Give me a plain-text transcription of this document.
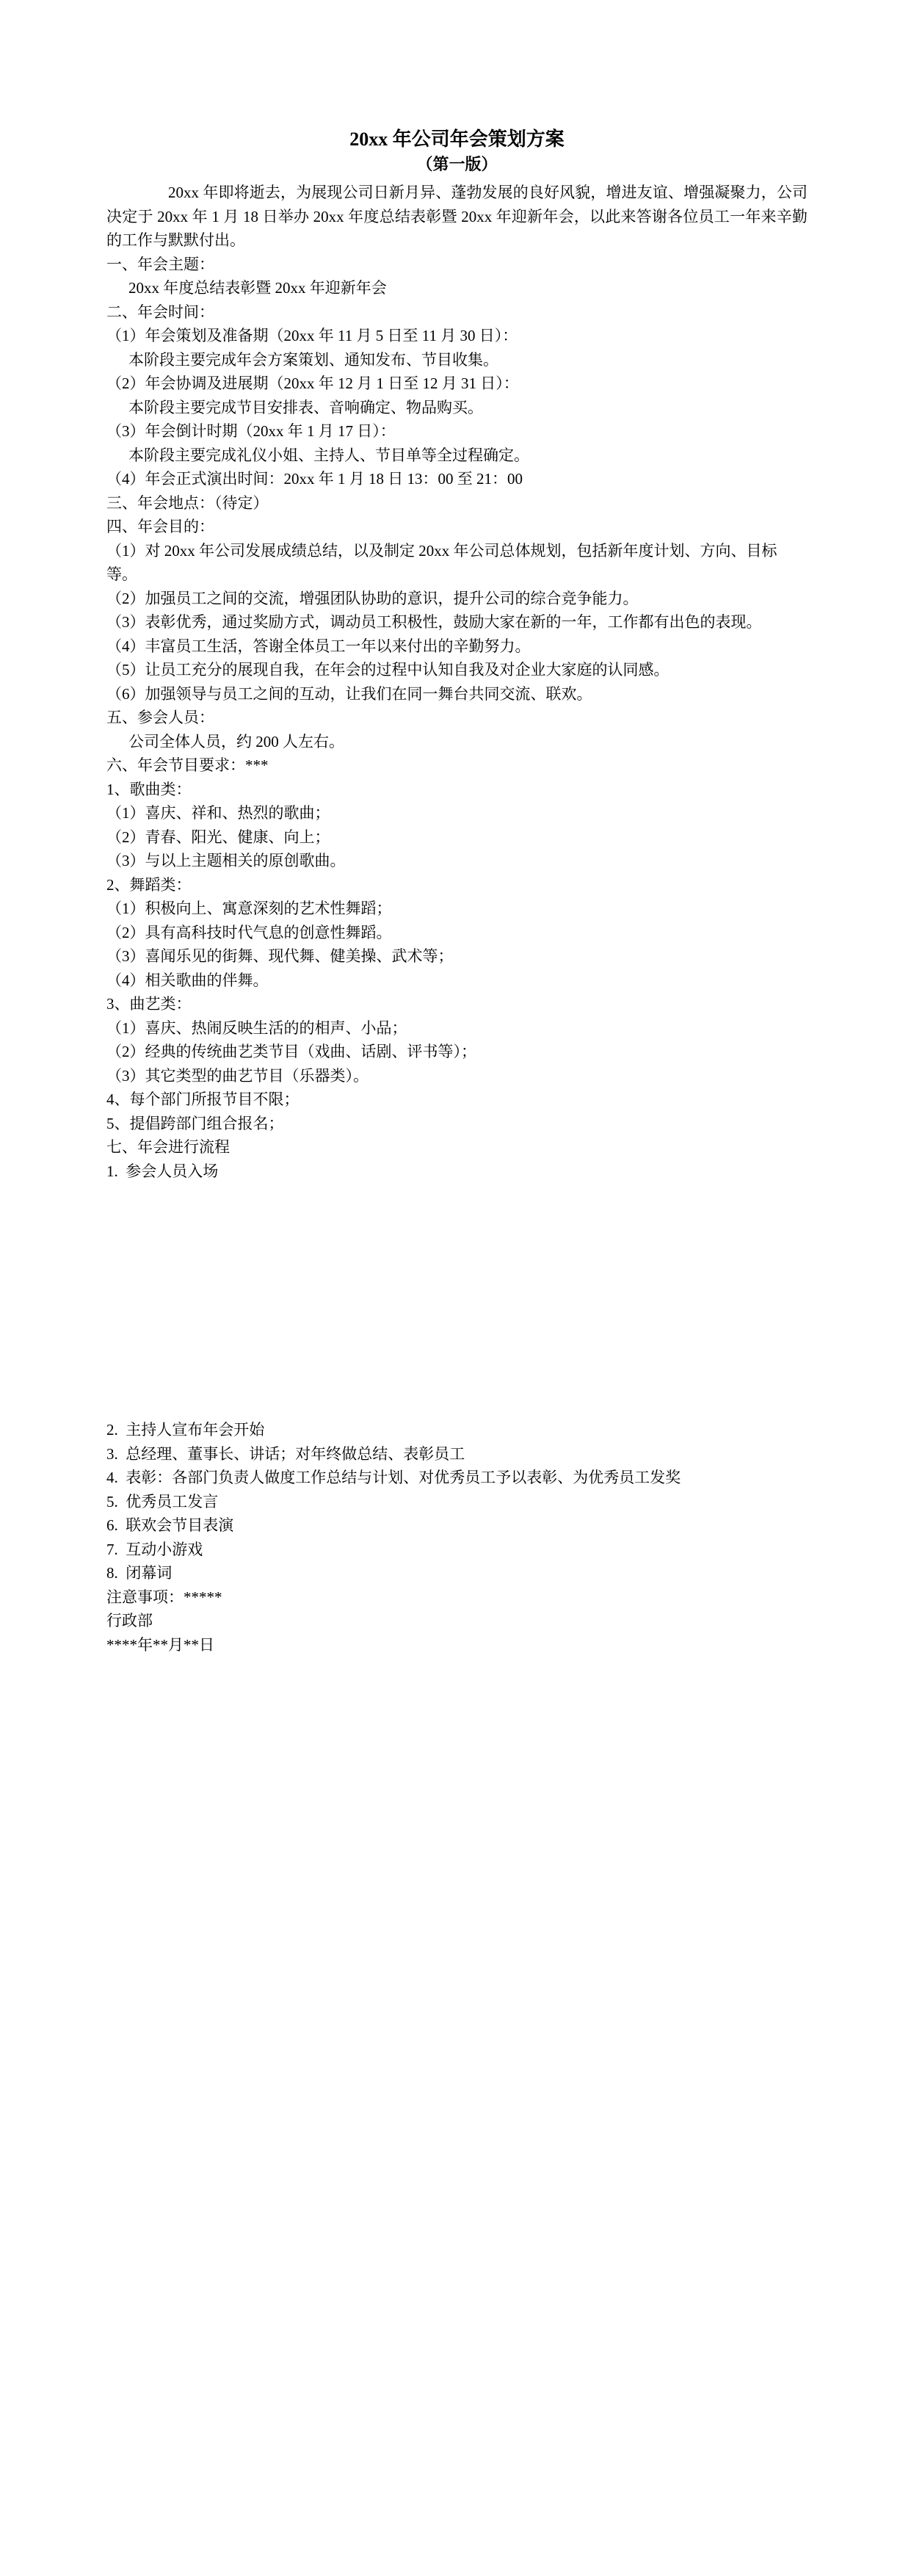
20xx 年公司年会策划方案
（第一版）

20xx 年即将逝去，为展现公司日新月异、蓬勃发展的良好风貌，增进友谊、增强凝聚力，公司决定于 20xx 年 1 月 18 日举办 20xx 年度总结表彰暨 20xx 年迎新年会，以此来答谢各位员工一年来辛勤的工作与默默付出。

一、年会主题：
20xx 年度总结表彰暨 20xx 年迎新年会
二、年会时间：
（1）年会策划及准备期（20xx 年 11 月 5 日至 11 月 30 日）：
本阶段主要完成年会方案策划、通知发布、节目收集。
（2）年会协调及进展期（20xx 年 12 月 1 日至 12 月 31 日）：
本阶段主要完成节目安排表、音响确定、物品购买。
（3）年会倒计时期（20xx 年 1 月 17 日）：
本阶段主要完成礼仪小姐、主持人、节目单等全过程确定。
（4）年会正式演出时间：20xx 年 1 月 18 日 13：00 至 21：00
三、年会地点：（待定）
四、年会目的：
（1）对 20xx 年公司发展成绩总结，以及制定 20xx 年公司总体规划，包括新年度计划、方向、目标
等。
（2）加强员工之间的交流，增强团队协助的意识，提升公司的综合竞争能力。
（3）表彰优秀，通过奖励方式，调动员工积极性，鼓励大家在新的一年，工作都有出色的表现。
（4）丰富员工生活，答谢全体员工一年以来付出的辛勤努力。
（5）让员工充分的展现自我，在年会的过程中认知自我及对企业大家庭的认同感。
（6）加强领导与员工之间的互动，让我们在同一舞台共同交流、联欢。
五、参会人员：
公司全体人员，约 200 人左右。
六、年会节目要求：***
1、歌曲类：
（1）喜庆、祥和、热烈的歌曲；
（2）青春、阳光、健康、向上；
（3）与以上主题相关的原创歌曲。
2、舞蹈类：
（1）积极向上、寓意深刻的艺术性舞蹈；
（2）具有高科技时代气息的创意性舞蹈。
（3）喜闻乐见的街舞、现代舞、健美操、武术等；
（4）相关歌曲的伴舞。
3、曲艺类：
（1）喜庆、热闹反映生活的的相声、小品；
（2）经典的传统曲艺类节目（戏曲、话剧、评书等）；
（3）其它类型的曲艺节目（乐器类）。
4、每个部门所报节目不限；
5、提倡跨部门组合报名；
七、年会进行流程
1.  参会人员入场
2.  主持人宣布年会开始
3.  总经理、董事长、讲话；对年终做总结、表彰员工
4.  表彰：各部门负责人做度工作总结与计划、对优秀员工予以表彰、为优秀员工发奖
5.  优秀员工发言
6.  联欢会节目表演
7.  互动小游戏
8.  闭幕词
注意事项：*****
行政部
****年**月**日
